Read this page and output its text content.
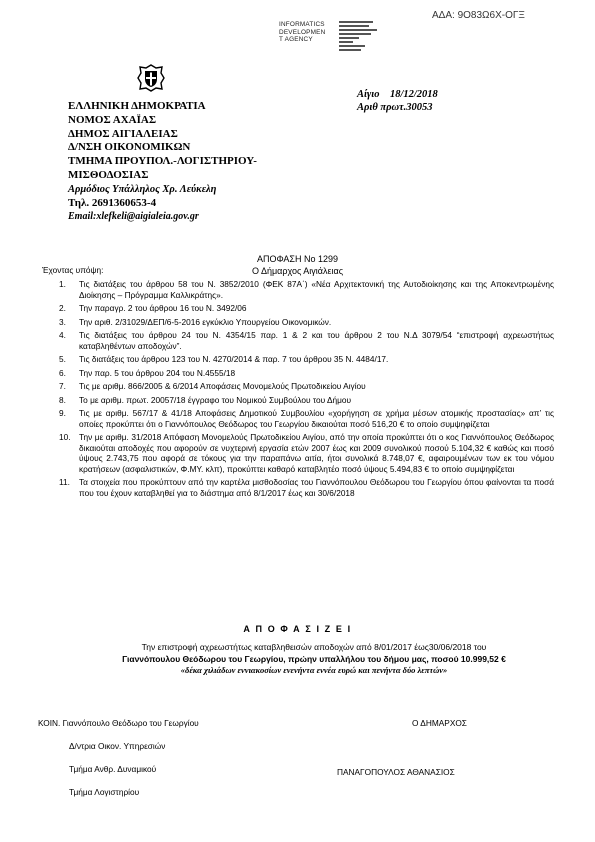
ΑΔΑ: 9Ο83Ω6Χ-ΟΓΞ
INFORMATICS
DEVELOPMEN
T AGENCY
ΕΛΛΗΝΙΚΗ ΔΗΜΟΚΡΑΤΙΑ
ΝΟΜΟΣ ΑΧΑΪΑΣ
ΔΗΜΟΣ ΑΙΓΙΑΛΕΙΑΣ
Δ/ΝΣΗ ΟΙΚΟΝΟΜΙΚΩΝ
ΤΜΗΜΑ ΠΡΟΥΠΟΛ.-ΛΟΓΙΣΤΗΡΙΟΥ-
ΜΙΣΘΟΔΟΣΙΑΣ
Αρμόδιος Υπάλληλος Χρ. Λεύκελη
Τηλ. 2691360653-4
Email:xlefkeli@aigialeia.gov.gr
Αίγιο    18/12/2018
Αριθ πρωτ.30053
ΑΠΟΦΑΣΗ Νο 1299
Ο Δήμαρχος Αιγιάλειας
Έχοντας υπόψη:
1. Τις διατάξεις του άρθρου 58 του Ν. 3852/2010 (ΦΕΚ 87Α΄) «Νέα Αρχιτεκτονική της Αυτοδιοίκησης και της Αποκεντρωμένης Διοίκησης – Πρόγραμμα Καλλικράτης».
2. Την παραγρ. 2 του άρθρου 16 του Ν. 3492/06
3. Την αριθ. 2/31029/ΔΕΠ/6-5-2016 εγκύκλιο Υπουργείου Οικονομικών.
4. Τις διατάξεις του άρθρου 24 του Ν. 4354/15 παρ. 1 & 2 και του άρθρου 2 του Ν.Δ 3079/54 “επιστροφή αχρεωστήτως καταβληθέντων αποδοχών”.
5. Τις διατάξεις του άρθρου 123 του Ν. 4270/2014 & παρ. 7 του άρθρου 35 Ν. 4484/17.
6. Την παρ. 5 του άρθρου 204 του Ν.4555/18
7. Τις με αριθμ. 866/2005 & 6/2014 Αποφάσεις Μονομελούς Πρωτοδικείου Αιγίου
8. Το με αριθμ. πρωτ. 20057/18 έγγραφο του Νομικού Συμβούλου του Δήμου
9. Τις με αριθμ. 567/17 & 41/18 Αποφάσεις Δημοτικού Συμβουλίου «χορήγηση σε χρήμα μέσων ατομικής προστασίας» απ’ τις οποίες προκύπτει ότι ο Γιαννόπουλος Θεόδωρος του Γεωργίου δικαιούται ποσό 516,20 € το οποίο συμψηφίζεται
10. Την με αριθμ. 31/2018 Απόφαση Μονομελούς Πρωτοδικείου Αιγίου, από την οποία προκύπτει ότι ο κος Γιαννόπουλος Θεόδωρος δικαιούται αποδοχές που αφορούν σε νυχτερινή εργασία ετών 2007 έως και 2009 συνολικού ποσού 5.104,32 € καθώς και ποσό ύψους 2.743,75 που αφορά σε τόκους για την παραπάνω αιτία, ήτοι συνολικά 8.748,07 €, αφαιρουμένων των εκ του νόμου κρατήσεων (ασφαλιστικών, Φ.ΜΥ. κλπ), προκύπτει καθαρό καταβλητέο ποσό ύψους 5.494,83 € το οποίο συμψηφίζεται
11. Τα στοιχεία που προκύπτουν από την καρτέλα μισθοδοσίας του Γιαννόπουλου Θεόδωρου του Γεωργίου όπου φαίνονται τα ποσά που του έχουν καταβληθεί για το διάστημα από 8/1/2017 έως και 30/6/2018
Α Π Ο Φ Α Σ Ι Ζ Ε Ι
Την επιστροφή αχρεωστήτως καταβληθεισών αποδοχών από 8/01/2017 έως30/06/2018 του
Γιαννόπουλου Θεόδωρου του Γεωργίου, πρώην υπαλλήλου του δήμου μας, ποσού 10.999,52 €
«δέκα χιλιάδων εννιακοσίων ενενήντα εννέα ευρώ και πενήντα δύο λεπτών»
ΚΟΙΝ. Γιαννόπουλο Θεόδωρο του Γεωργίου
Δ/ντρια Οικον. Υπηρεσιών
Τμήμα Ανθρ. Δυναμικού
Τμήμα Λογιστηρίου
Ο ΔΗΜΑΡΧΟΣ
ΠΑΝΑΓΟΠΟΥΛΟΣ ΑΘΑΝΑΣΙΟΣ
